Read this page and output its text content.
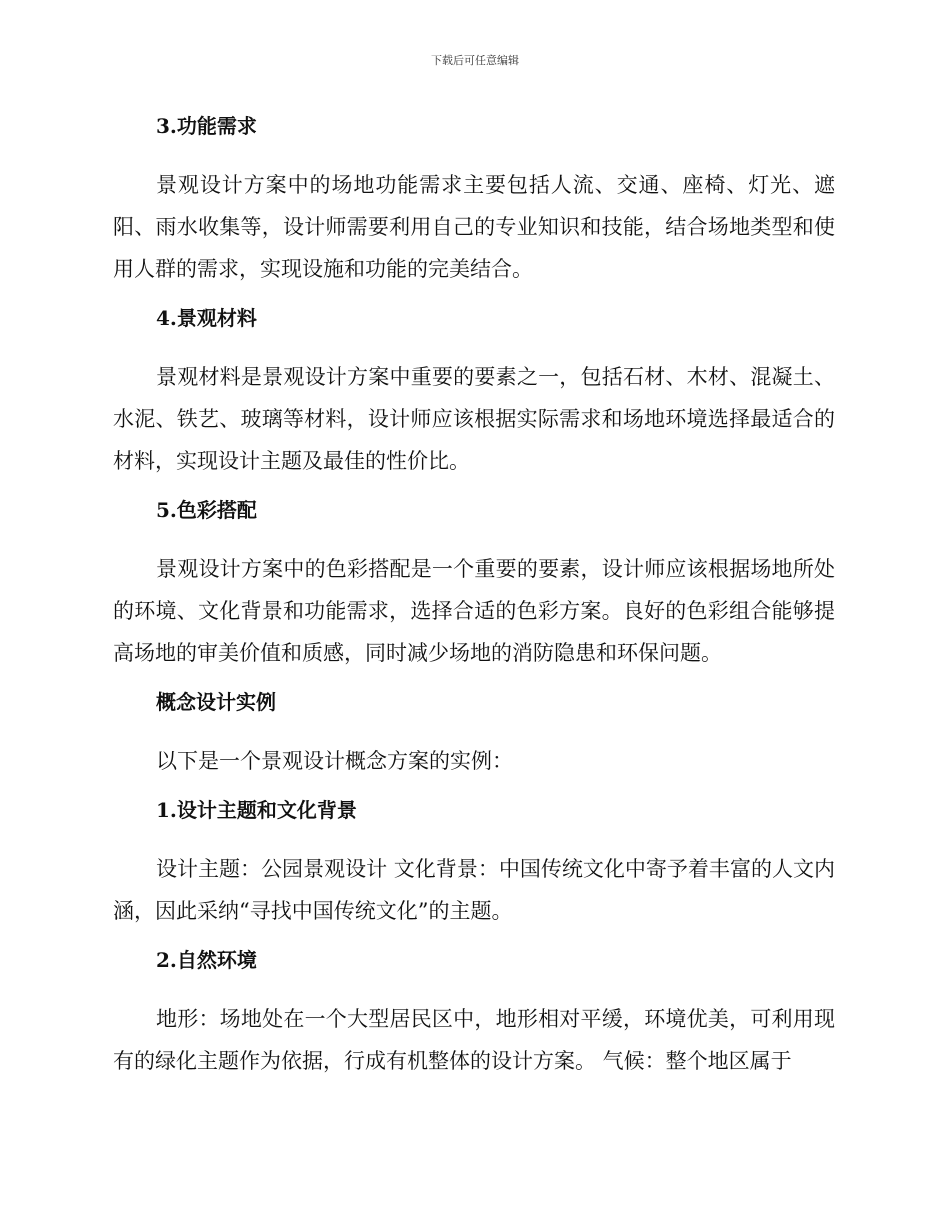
下载后可任意编辑
3.功能需求

景观设计方案中的场地功能需求主要包括人流、交通、座椅、灯光、遮阳、雨水收集等，设计师需要利用自己的专业知识和技能，结合场地类型和使用人群的需求，实现设施和功能的完美结合。

4.景观材料

景观材料是景观设计方案中重要的要素之一，包括石材、木材、混凝土、水泥、铁艺、玻璃等材料，设计师应该根据实际需求和场地环境选择最适合的材料，实现设计主题及最佳的性价比。

5.色彩搭配

景观设计方案中的色彩搭配是一个重要的要素，设计师应该根据场地所处的环境、文化背景和功能需求，选择合适的色彩方案。良好的色彩组合能够提高场地的审美价值和质感，同时减少场地的消防隐患和环保问题。

概念设计实例

以下是一个景观设计概念方案的实例：

1.设计主题和文化背景

设计主题：公园景观设计 文化背景：中国传统文化中寄予着丰富的人文内涵，因此采纳“寻找中国传统文化”的主题。

2.自然环境

地形：场地处在一个大型居民区中，地形相对平缓，环境优美，可利用现有的绿化主题作为依据，行成有机整体的设计方案。 气候：整个地区属于
